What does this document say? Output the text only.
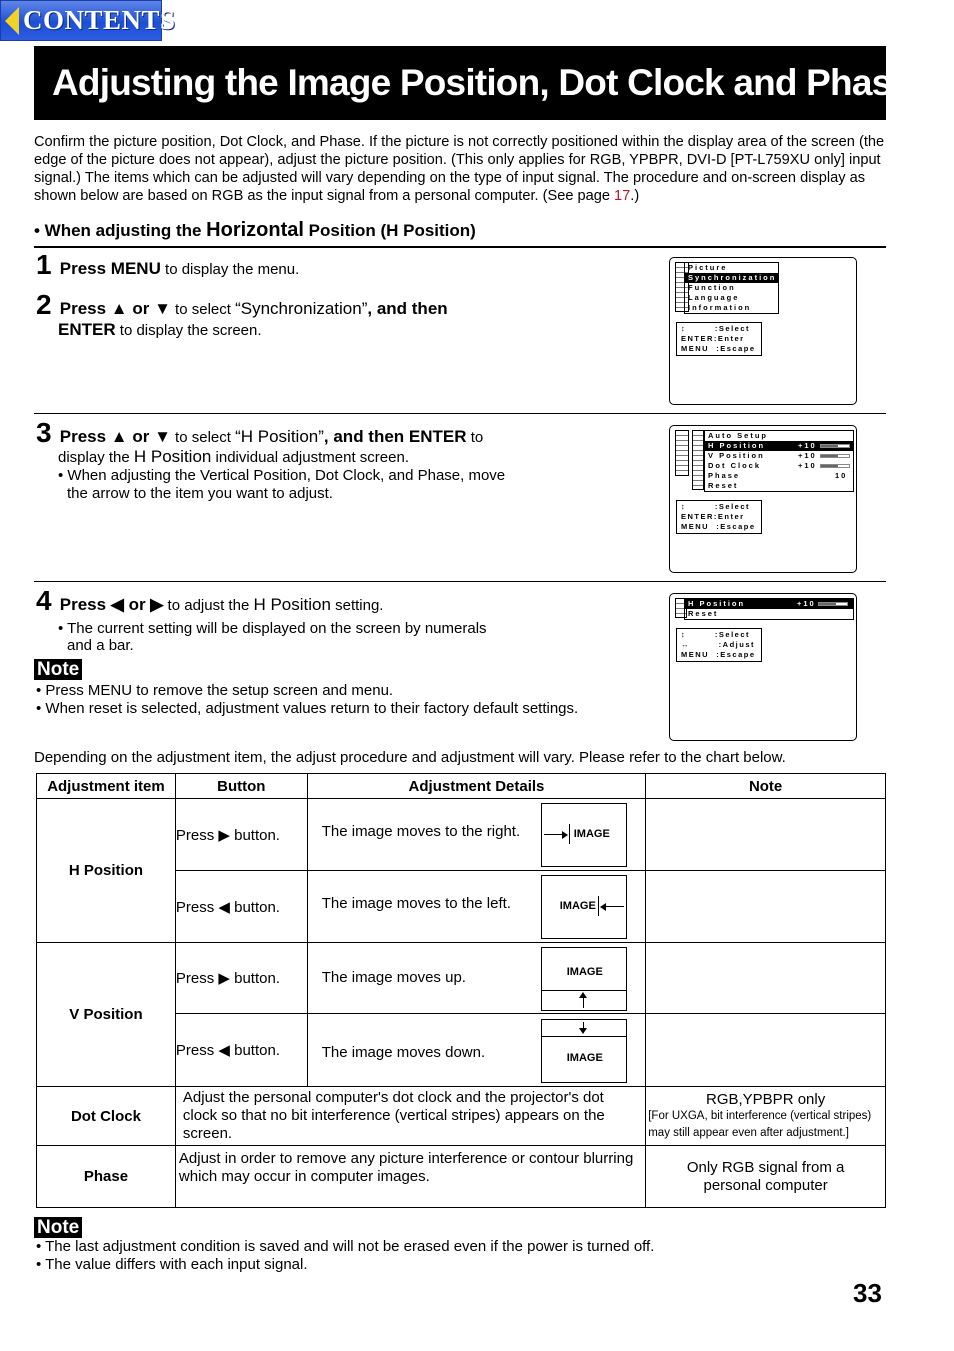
CONTENTS
Adjusting the Image Position, Dot Clock and Phase
Confirm the picture position, Dot Clock, and Phase. If the picture is not correctly positioned within the display area of the screen (the edge of the picture does not appear), adjust the picture position. (This only applies for RGB, YPBPR, DVI-D [PT-L759XU only] input signal.) The items which can be adjusted will vary depending on the type of input signal. The procedure and on-screen display as shown below are based on RGB as the input signal from a personal computer. (See page 17.)
• When adjusting the Horizontal Position (H Position)
1 Press MENU to display the menu.
2 Press ▲ or ▼ to select “Synchronization”, and then
ENTER to display the screen.
Picture
Synchronization
Function
Language
Information
↕        :Select
ENTER:Enter
MENU  :Escape
3 Press ▲ or ▼ to select “H Position”, and then ENTER to
display the H Position individual adjustment screen.
• When adjusting the Vertical Position, Dot Clock, and Phase, move
the arrow to the item you want to adjust.
Auto Setup
H Position	+10
V Position	+10
Dot Clock	+10
Phase	10
Reset
↕        :Select
ENTER:Enter
MENU  :Escape
4 Press ◀ or ▶ to adjust the H Position setting.
• The current setting will be displayed on the screen by numerals
and a bar.
Note
• Press MENU to remove the setup screen and menu.
• When reset is selected, adjustment values return to their factory default settings.
H Position	+10
Reset
↕        :Select
↔        :Adjust
MENU  :Escape
Depending on the adjustment item, the adjust procedure and adjustment will vary. Please refer to the chart below.
Adjustment item	Button	Adjustment Details	Note
H Position	Press ▶ button.	The image moves to the right. IMAGE	

	Press ◀ button.	The image moves to the left. IMAGE	

V Position	Press ▶ button.	The image moves up. IMAGE	

	Press ◀ button.	The image moves down. IMAGE	

Dot Clock	Adjust the personal computer's dot clock and the projector's dot clock so that no bit interference (vertical stripes) appears on the screen.		RGB,YPBPR only
[For UXGA, bit interference (vertical stripes) may still appear even after adjustment.]

Phase	Adjust in order to remove any picture interference or contour blurring which may occur in computer images.		Only RGB signal from a personal computer
Note
• The last adjustment condition is saved and will not be erased even if the power is turned off.
• The value differs with each input signal.
33
